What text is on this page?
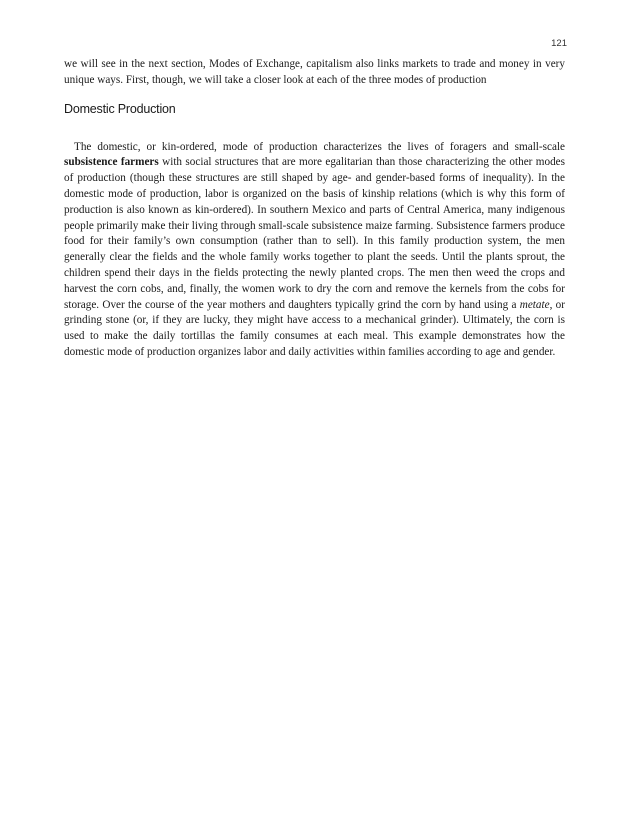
121

we will see in the next section, Modes of Exchange, capitalism also links markets to trade and money in very unique ways. First, though, we will take a closer look at each of the three modes of production

Domestic Production

The domestic, or kin-ordered, mode of production characterizes the lives of foragers and small-scale subsistence farmers with social structures that are more egalitarian than those characterizing the other modes of production (though these structures are still shaped by age- and gender-based forms of inequality). In the domestic mode of production, labor is organized on the basis of kinship relations (which is why this form of production is also known as kin-ordered). In southern Mexico and parts of Central America, many indigenous people primarily make their living through small-scale subsistence maize farming. Subsistence farmers produce food for their family’s own consumption (rather than to sell). In this family production system, the men generally clear the fields and the whole family works together to plant the seeds. Until the plants sprout, the children spend their days in the fields protecting the newly planted crops. The men then weed the crops and harvest the corn cobs, and, finally, the women work to dry the corn and remove the kernels from the cobs for storage. Over the course of the year mothers and daughters typically grind the corn by hand using a metate, or grinding stone (or, if they are lucky, they might have access to a mechanical grinder). Ultimately, the corn is used to make the daily tortillas the family consumes at each meal. This example demonstrates how the domestic mode of production organizes labor and daily activities within families according to age and gender.
